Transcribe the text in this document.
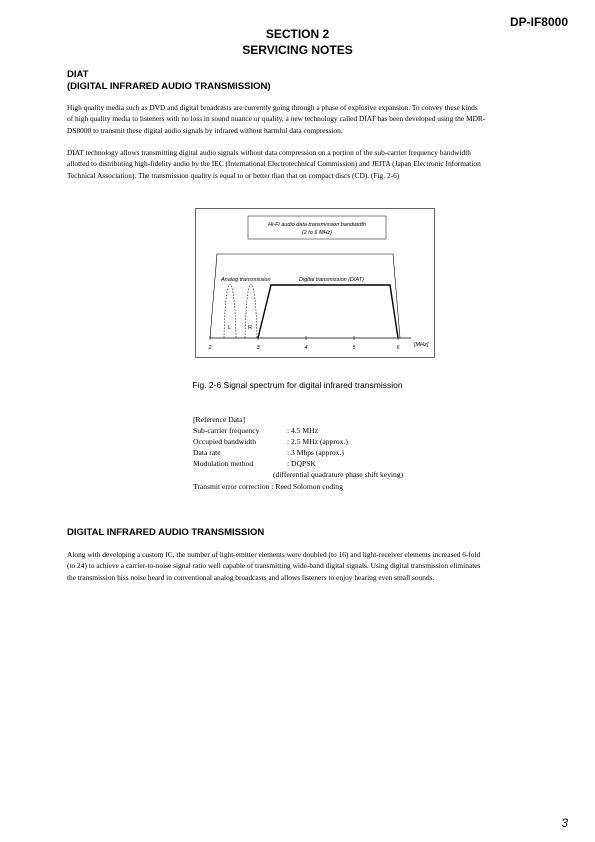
DP-IF8000
SECTION 2
SERVICING NOTES
DIAT
(DIGITAL INFRARED AUDIO TRANSMISSION)
High quality media such as DVD and digital broadcasts are currently going through a phase of explosive expansion. To convey these kinds
of high quality media to listeners with no loss in sound nuance or quality, a new technology called DIAT has been developed using the MDR-
DS8000 to transmit these digital audio signals by infrared without harmful data compression.
DIAT technology allows transmitting digital audio signals without data compression on a portion of the sub-carrier frequency bandwidth
allotted to distributing high-fidelity audio by the IEC (International Electrotechnical Commission) and JEITA (Japan Electronic Information
Technical Association). The transmission quality is equal to or better than that on compact discs (CD). (Fig. 2-6)
Hi-Fi audio data transmission bandwidth
(2 to 6 MHz)
Analog transmission	Digital transmission (DIAT)
L	R
2	3	4	5	6	[MHz]
Fig. 2-6 Signal spectrum for digital infrared transmission
[Reference Data]
Sub-carrier frequency	: 4.5 MHz
Occupied bandwidth	: 2.5 MHz (approx.)
Data rate	: 3 Mbps (approx.)
Modulation method	: DQPSK
(differential quadrature phase shift keying)
Transmit error correction : Reed Solomon coding
DIGITAL INFRARED AUDIO TRANSMISSION
Along with developing a custom IC, the number of light-emitter elements were doubled (to 16) and light-receiver elements increased 6-fold
(to 24) to achieve a carrier-to-noise signal ratio well capable of transmitting wide-band digital signals. Using digital transmission eliminates
the transmission hiss noise heard in conventional analog broadcasts and allows listeners to enjoy hearing even small sounds.
3
